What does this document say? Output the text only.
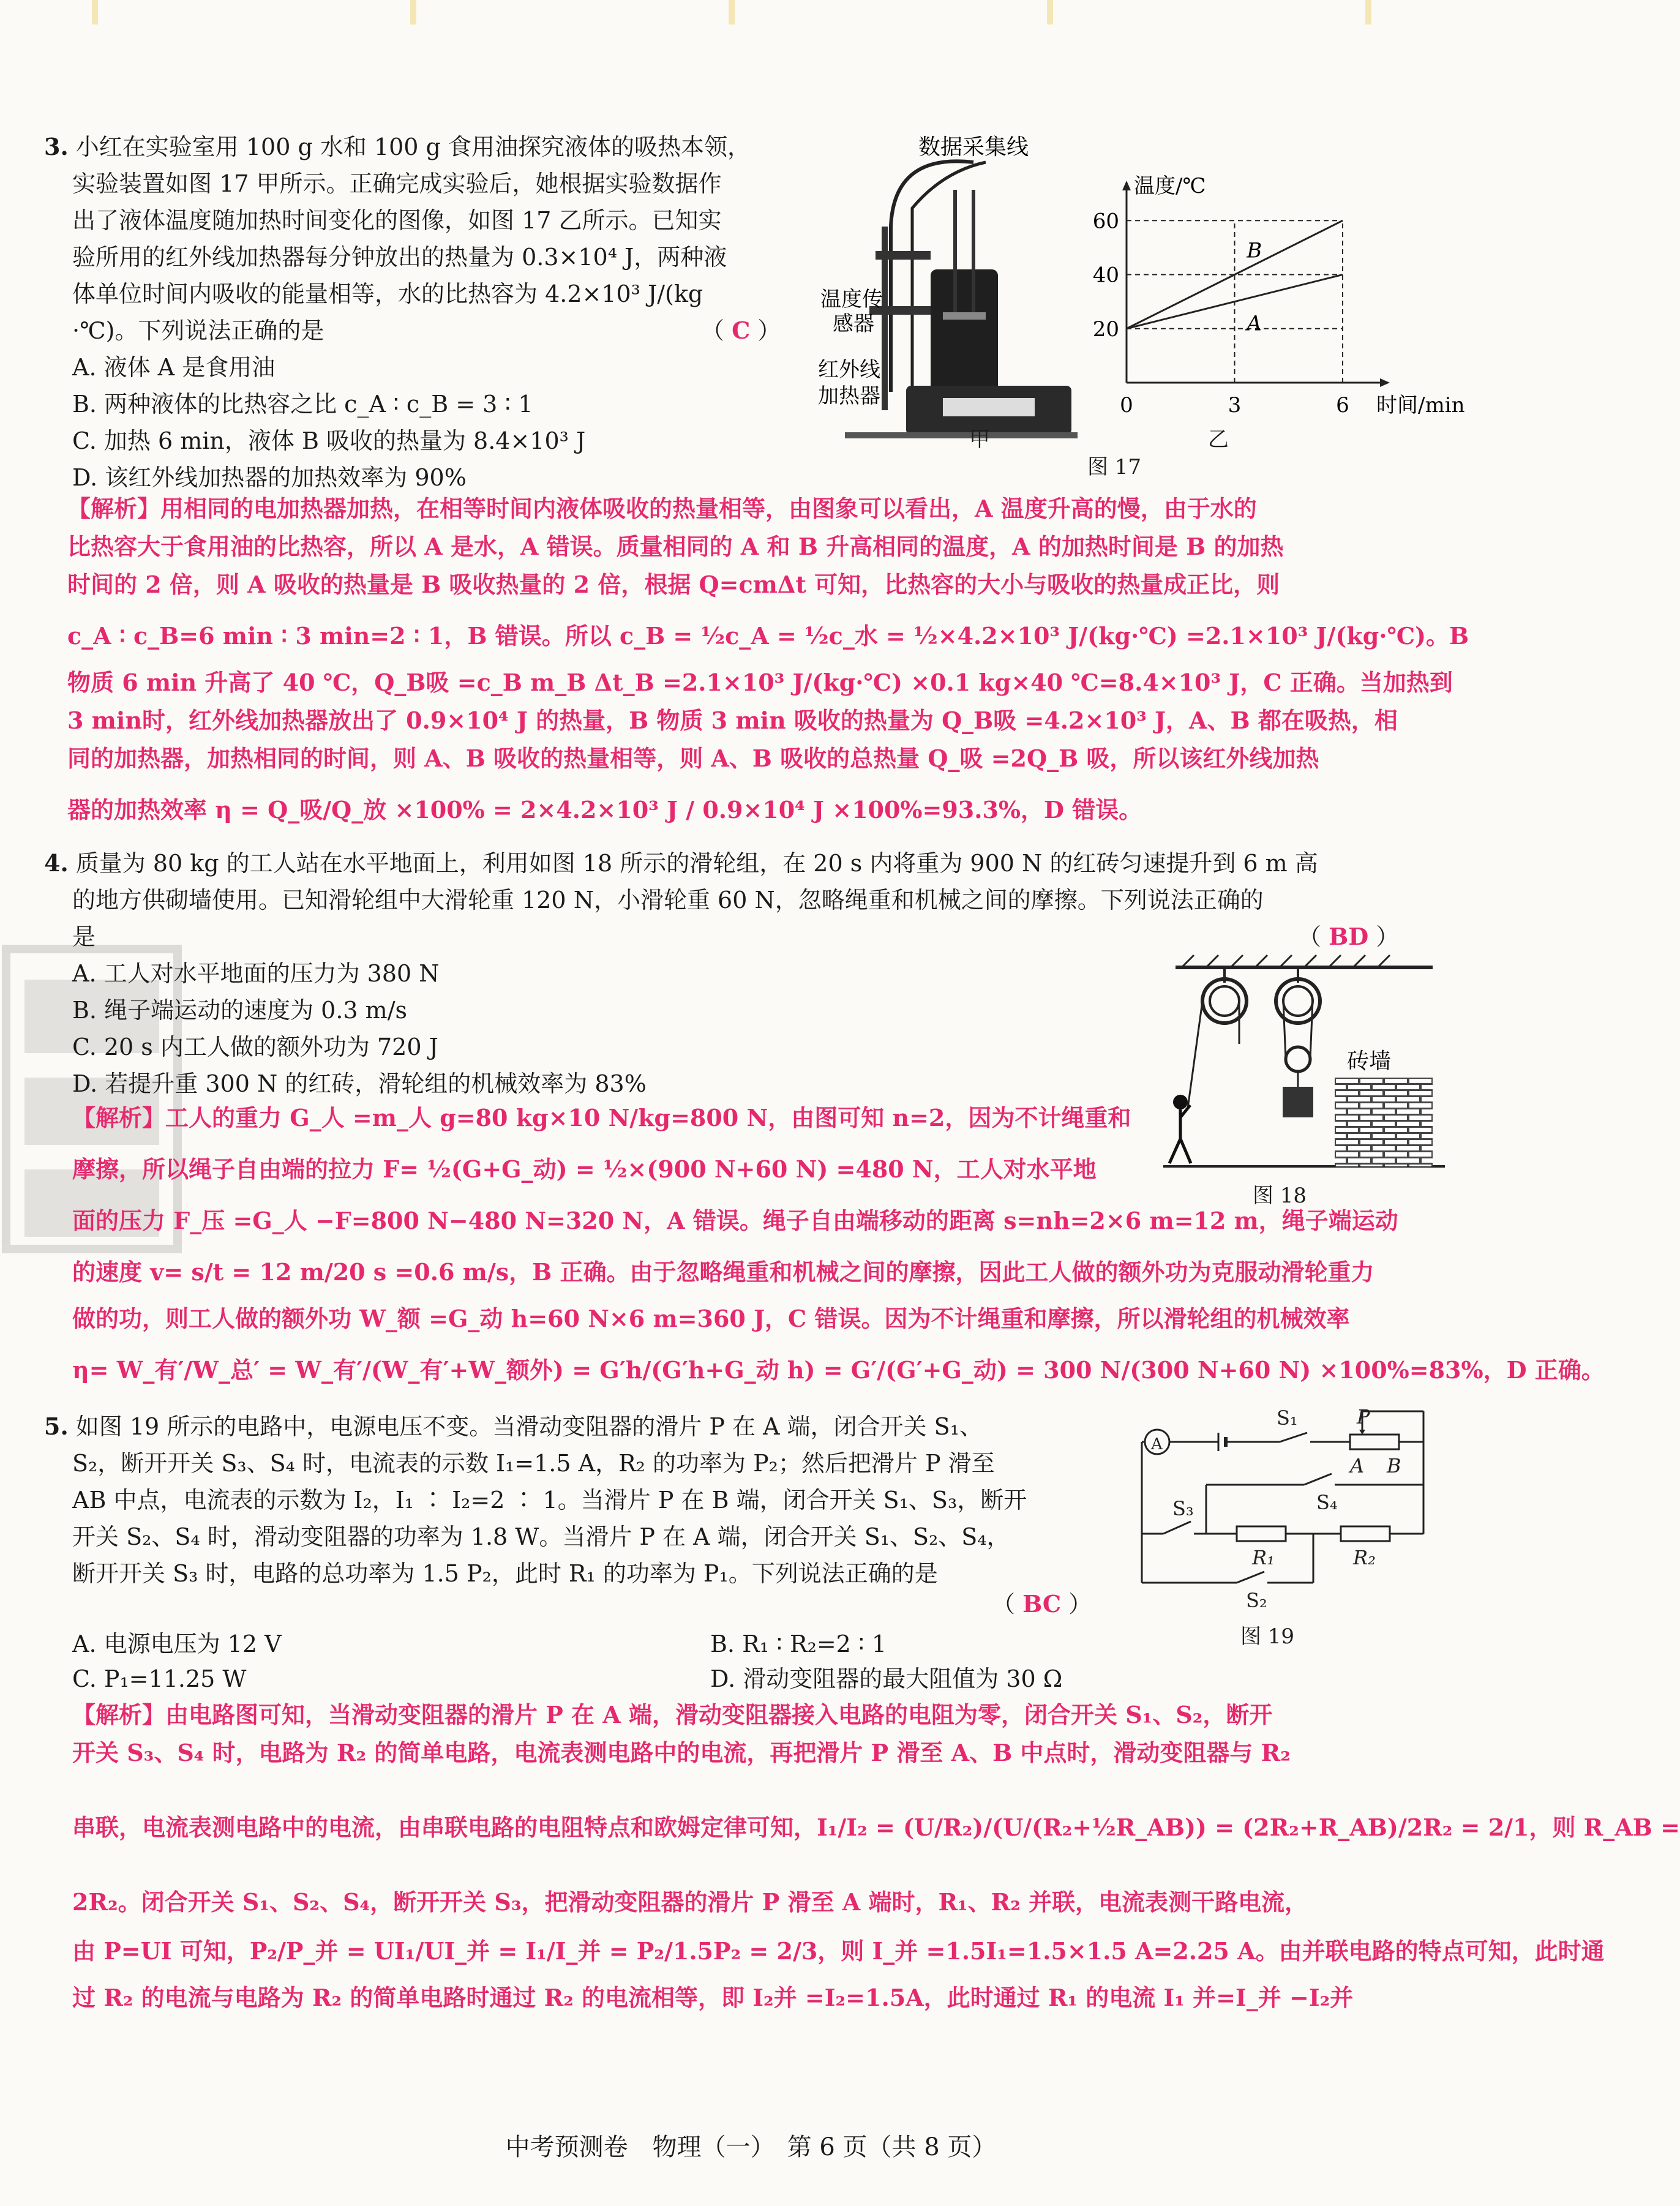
3. 小红在实验室用 100 g 水和 100 g 食用油探究液体的吸热本领，

实验装置如图 17 甲所示。正确完成实验后，她根据实验数据作

出了液体温度随加热时间变化的图像，如图 17 乙所示。已知实

验所用的红外线加热器每分钟放出的热量为 0.3×10⁴ J，两种液

体单位时间内吸收的能量相等，水的比热容为 4.2×10³ J/(kg

·℃)。下列说法正确的是

A. 液体 A 是食用油

B. 两种液体的比热容之比 c_A ∶ c_B = 3 ∶ 1

C. 加热 6 min，液体 B 吸收的热量为 8.4×10³ J

D. 该红外线加热器的加热效率为 90%

（ C ）
数据采集线
温度传
感器
红外线
加热器
甲
温度/℃
时间/min
20
40
60
0	3	6
B
A
乙
图 17

【解析】用相同的电加热器加热，在相等时间内液体吸收的热量相等，由图象可以看出，A 温度升高的慢，由于水的

比热容大于食用油的比热容，所以 A 是水，A 错误。质量相同的 A 和 B 升高相同的温度，A 的加热时间是 B 的加热

时间的 2 倍，则 A 吸收的热量是 B 吸收热量的 2 倍，根据 Q=cmΔt 可知，比热容的大小与吸收的热量成正比，则

c_A ∶ c_B=6 min ∶ 3 min=2 ∶ 1，B 错误。所以 c_B = ½c_A = ½c_水 = ½×4.2×10³ J/(kg·℃) =2.1×10³ J/(kg·℃)。B

物质 6 min 升高了 40 ℃，Q_B吸 =c_B m_B Δt_B =2.1×10³ J/(kg·℃) ×0.1 kg×40 ℃=8.4×10³ J，C 正确。当加热到

3 min时，红外线加热器放出了 0.9×10⁴ J 的热量，B 物质 3 min 吸收的热量为 Q_B吸 =4.2×10³ J，A、B 都在吸热，相

同的加热器，加热相同的时间，则 A、B 吸收的热量相等，则 A、B 吸收的总热量 Q_吸 =2Q_B 吸，所以该红外线加热

器的加热效率 η = Q_吸/Q_放 ×100% = 2×4.2×10³ J / 0.9×10⁴ J ×100%=93.3%，D 错误。

4. 质量为 80 kg 的工人站在水平地面上，利用如图 18 所示的滑轮组，在 20 s 内将重为 900 N 的红砖匀速提升到 6 m 高

的地方供砌墙使用。已知滑轮组中大滑轮重 120 N，小滑轮重 60 N，忽略绳重和机械之间的摩擦。下列说法正确的

是

A. 工人对水平地面的压力为 380 N

B. 绳子端运动的速度为 0.3 m/s

C. 20 s 内工人做的额外功为 720 J

D. 若提升重 300 N 的红砖，滑轮组的机械效率为 83%

（ BD ）
砖墙
图 18

【解析】工人的重力 G_人 =m_人 g=80 kg×10 N/kg=800 N，由图可知 n=2，因为不计绳重和

摩擦，所以绳子自由端的拉力 F= ½(G+G_动) = ½×(900 N+60 N) =480 N，工人对水平地

面的压力 F_压 =G_人 −F=800 N−480 N=320 N，A 错误。绳子自由端移动的距离 s=nh=2×6 m=12 m，绳子端运动

的速度 v= s/t = 12 m/20 s =0.6 m/s，B 正确。由于忽略绳重和机械之间的摩擦，因此工人做的额外功为克服动滑轮重力

做的功，则工人做的额外功 W_额 =G_动 h=60 N×6 m=360 J，C 错误。因为不计绳重和摩擦，所以滑轮组的机械效率

η= W_有′/W_总′ = W_有′/(W_有′+W_额外) = G′h/(G′h+G_动 h) = G′/(G′+G_动) = 300 N/(300 N+60 N) ×100%=83%，D 正确。

5. 如图 19 所示的电路中，电源电压不变。当滑动变阻器的滑片 P 在 A 端，闭合开关 S₁、

S₂，断开开关 S₃、S₄ 时，电流表的示数 I₁=1.5 A，R₂ 的功率为 P₂；然后把滑片 P 滑至

AB 中点，电流表的示数为 I₂，I₁ ∶ I₂=2 ∶ 1。当滑片 P 在 B 端，闭合开关 S₁、S₃，断开

开关 S₂、S₄ 时，滑动变阻器的功率为 1.8 W。当滑片 P 在 A 端，闭合开关 S₁、S₂、S₄，

断开开关 S₃ 时，电路的总功率为 1.5 P₂，此时 R₁ 的功率为 P₁。下列说法正确的是

（ BC ）
A. 电源电压为 12 V	B. R₁ ∶ R₂=2 ∶ 1
C. P₁=11.25 W	D. 滑动变阻器的最大阻值为 30 Ω
A
S₁	P
A B
S₄
S₃
R₁	R₂
S₂
图 19

【解析】由电路图可知，当滑动变阻器的滑片 P 在 A 端，滑动变阻器接入电路的电阻为零，闭合开关 S₁、S₂，断开

开关 S₃、S₄ 时，电路为 R₂ 的简单电路，电流表测电路中的电流，再把滑片 P 滑至 A、B 中点时，滑动变阻器与 R₂

串联，电流表测电路中的电流，由串联电路的电阻特点和欧姆定律可知，I₁/I₂ = (U/R₂)/(U/(R₂+½R_AB)) = (2R₂+R_AB)/2R₂ = 2/1，则 R_AB =

2R₂。闭合开关 S₁、S₂、S₄，断开开关 S₃，把滑动变阻器的滑片 P 滑至 A 端时，R₁、R₂ 并联，电流表测干路电流，

由 P=UI 可知，P₂/P_并 = UI₁/UI_并 = I₁/I_并 = P₂/1.5P₂ = 2/3，则 I_并 =1.5I₁=1.5×1.5 A=2.25 A。由并联电路的特点可知，此时通

过 R₂ 的电流与电路为 R₂ 的简单电路时通过 R₂ 的电流相等，即 I₂并 =I₂=1.5A，此时通过 R₁ 的电流 I₁ 并=I_并 −I₂并

中考预测卷　物理（一）　第 6 页（共 8 页）
